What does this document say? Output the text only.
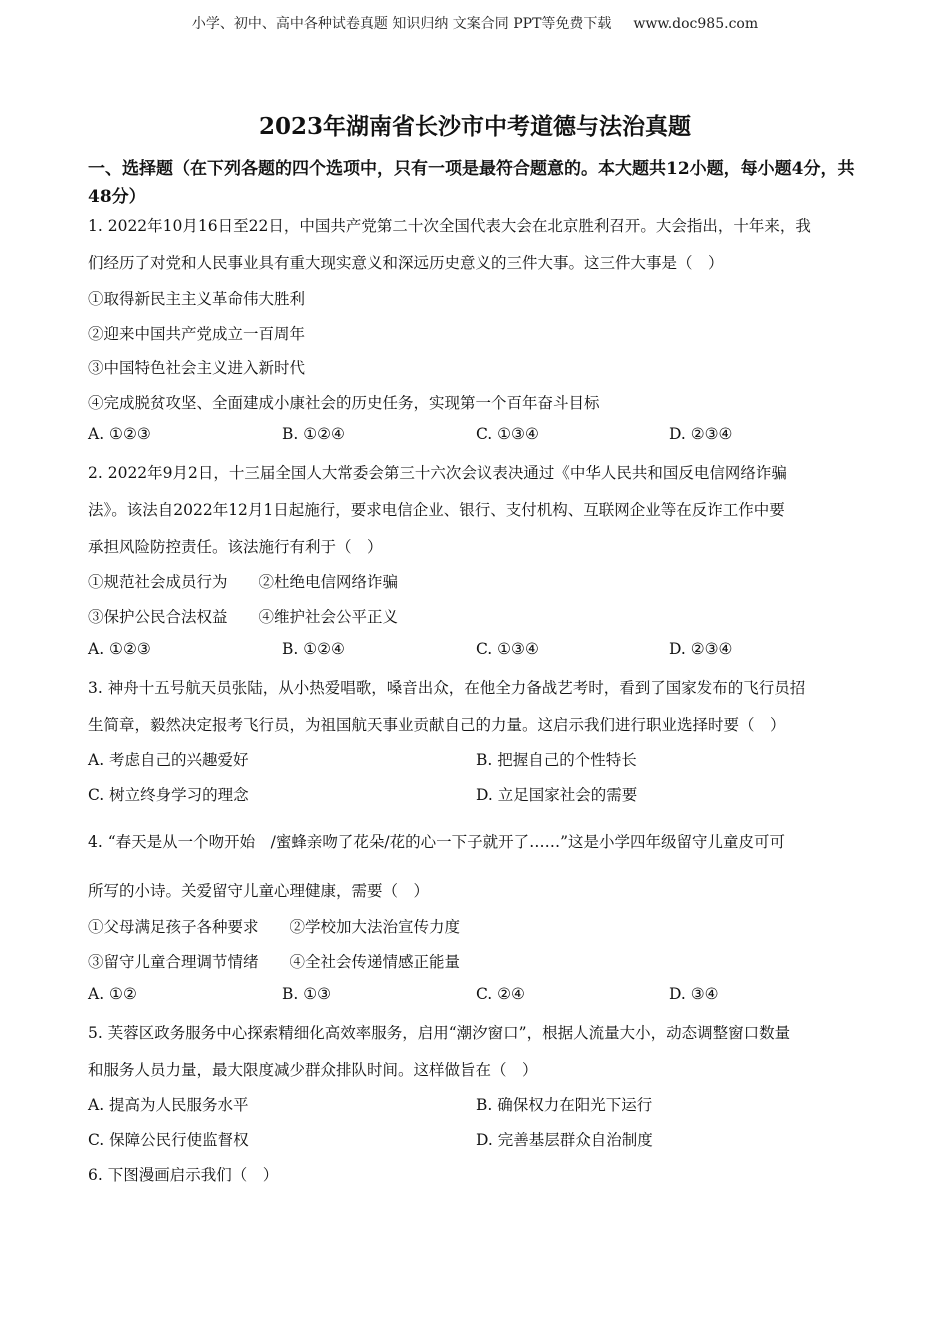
小学、初中、高中各种试卷真题 知识归纳 文案合同 PPT等免费下载 www.doc985.com
2023年湖南省长沙市中考道德与法治真题
一、选择题（在下列各题的四个选项中，只有一项是最符合题意的。本大题共12小题，每小题4分，共48分）
1. 2022年10月16日至22日，中国共产党第二十次全国代表大会在北京胜利召开。大会指出，十年来，我
们经历了对党和人民事业具有重大现实意义和深远历史意义的三件大事。这三件大事是（　）
①取得新民主主义革命伟大胜利
②迎来中国共产党成立一百周年
③中国特色社会主义进入新时代
④完成脱贫攻坚、全面建成小康社会的历史任务，实现第一个百年奋斗目标
A. ①②③	B. ①②④	C. ①③④	D. ②③④
2. 2022年9月2日，十三届全国人大常委会第三十六次会议表决通过《中华人民共和国反电信网络诈骗
法》。该法自2022年12月1日起施行，要求电信企业、银行、支付机构、互联网企业等在反诈工作中要
承担风险防控责任。该法施行有利于（　）
①规范社会成员行为　　②杜绝电信网络诈骗
③保护公民合法权益　　④维护社会公平正义
A. ①②③	B. ①②④	C. ①③④	D. ②③④
3. 神舟十五号航天员张陆，从小热爱唱歌，嗓音出众，在他全力备战艺考时，看到了国家发布的飞行员招
生简章，毅然决定报考飞行员，为祖国航天事业贡献自己的力量。这启示我们进行职业选择时要（　）
A. 考虑自己的兴趣爱好	B. 把握自己的个性特长
C. 树立终身学习的理念	D. 立足国家社会的需要
4. “春天是从一个吻开始　/蜜蜂亲吻了花朵/花的心一下子就开了……”这是小学四年级留守儿童皮可可
所写的小诗。关爱留守儿童心理健康，需要（　）
①父母满足孩子各种要求　　②学校加大法治宣传力度
③留守儿童合理调节情绪　　④全社会传递情感正能量
A. ①②	B. ①③	C. ②④	D. ③④
5. 芙蓉区政务服务中心探索精细化高效率服务，启用“潮汐窗口”，根据人流量大小，动态调整窗口数量
和服务人员力量，最大限度减少群众排队时间。这样做旨在（　）
A. 提高为人民服务水平	B. 确保权力在阳光下运行
C. 保障公民行使监督权	D. 完善基层群众自治制度
6. 下图漫画启示我们（　）
